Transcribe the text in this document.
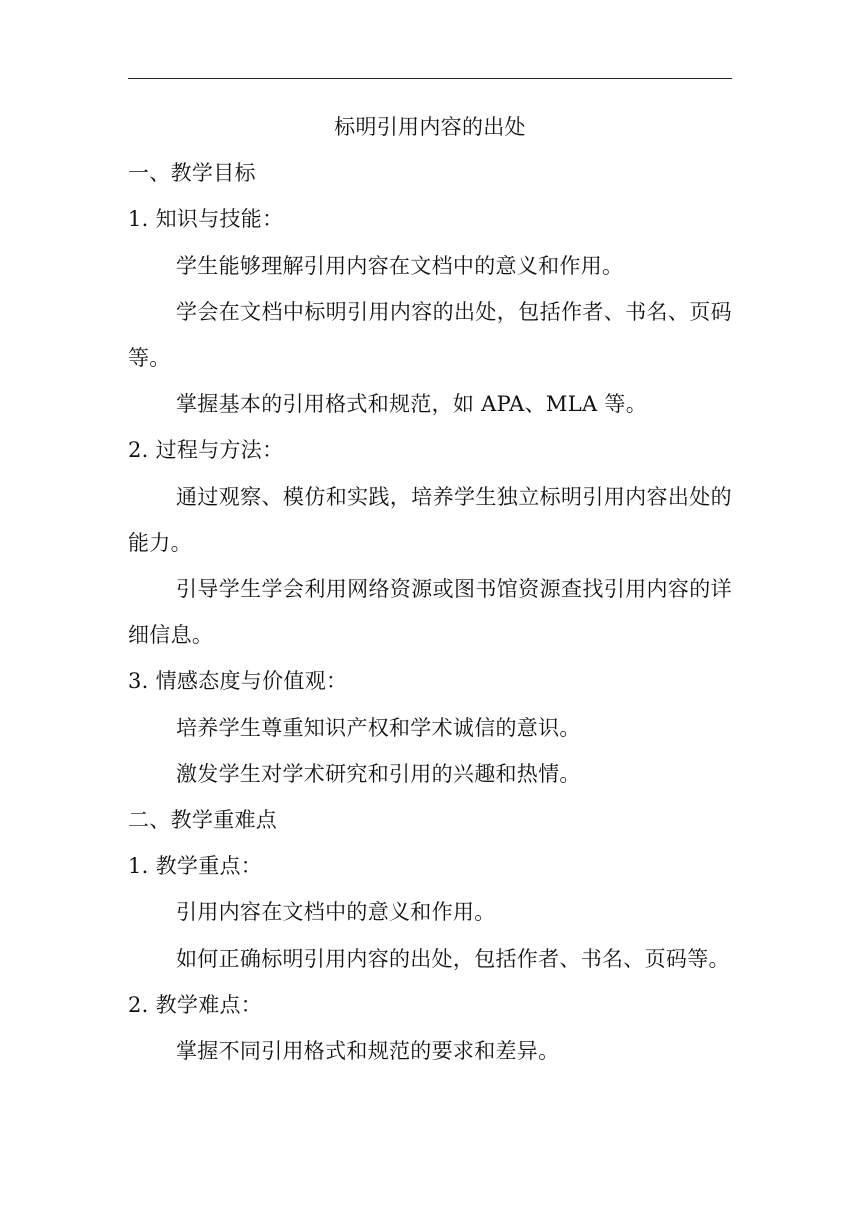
标明引用内容的出处
一、教学目标
1. 知识与技能：
学生能够理解引用内容在文档中的意义和作用。
学会在文档中标明引用内容的出处，包括作者、书名、页码等。
掌握基本的引用格式和规范，如 APA、MLA 等。
2. 过程与方法：
通过观察、模仿和实践，培养学生独立标明引用内容出处的能力。
引导学生学会利用网络资源或图书馆资源查找引用内容的详细信息。
3. 情感态度与价值观：
培养学生尊重知识产权和学术诚信的意识。
激发学生对学术研究和引用的兴趣和热情。
二、教学重难点
1. 教学重点：
引用内容在文档中的意义和作用。
如何正确标明引用内容的出处，包括作者、书名、页码等。
2. 教学难点：
掌握不同引用格式和规范的要求和差异。
